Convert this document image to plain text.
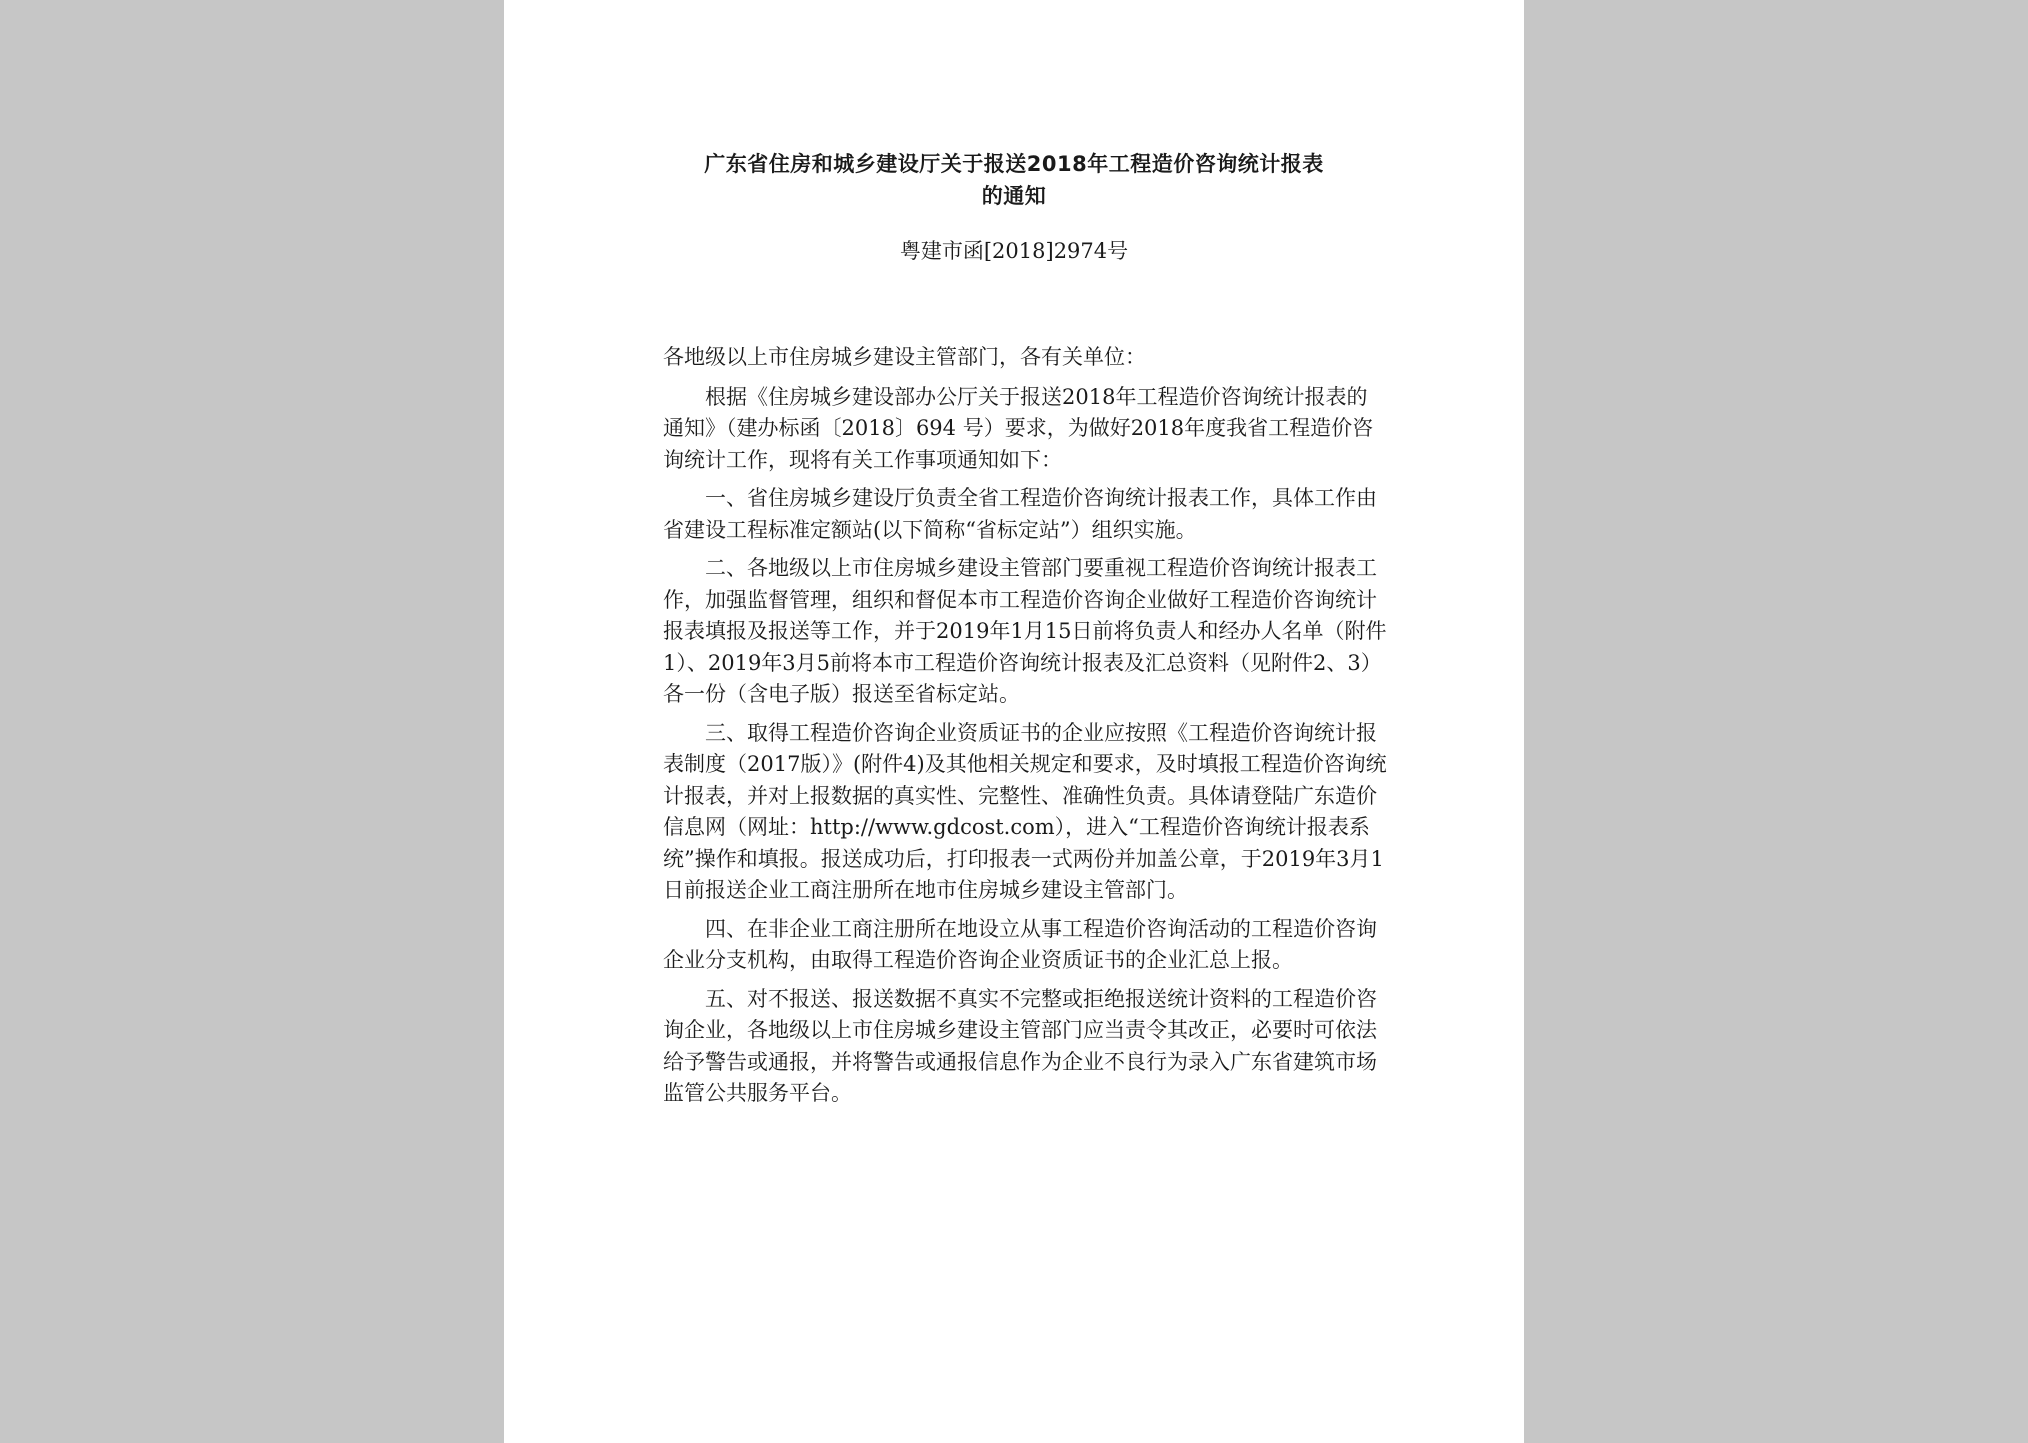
广东省住房和城乡建设厅关于报送2018年工程造价咨询统计报表
的通知
粤建市函[2018]2974号

各地级以上市住房城乡建设主管部门，各有关单位：

根据《住房城乡建设部办公厅关于报送2018年工程造价咨询统计报表的通知》（建办标函〔2018〕694 号）要求，为做好2018年度我省工程造价咨询统计工作，现将有关工作事项通知如下：

一、省住房城乡建设厅负责全省工程造价咨询统计报表工作，具体工作由省建设工程标准定额站(以下简称“省标定站”）组织实施。

二、各地级以上市住房城乡建设主管部门要重视工程造价咨询统计报表工作，加强监督管理，组织和督促本市工程造价咨询企业做好工程造价咨询统计报表填报及报送等工作，并于2019年1月15日前将负责人和经办人名单（附件1）、2019年3月5前将本市工程造价咨询统计报表及汇总资料（见附件2、3）各一份（含电子版）报送至省标定站。

三、取得工程造价咨询企业资质证书的企业应按照《工程造价咨询统计报表制度（2017版）》(附件4)及其他相关规定和要求，及时填报工程造价咨询统计报表，并对上报数据的真实性、完整性、准确性负责。具体请登陆广东造价信息网（网址：http://www.gdcost.com），进入“工程造价咨询统计报表系统”操作和填报。报送成功后，打印报表一式两份并加盖公章，于2019年3月1日前报送企业工商注册所在地市住房城乡建设主管部门。

四、在非企业工商注册所在地设立从事工程造价咨询活动的工程造价咨询企业分支机构，由取得工程造价咨询企业资质证书的企业汇总上报。

五、对不报送、报送数据不真实不完整或拒绝报送统计资料的工程造价咨询企业，各地级以上市住房城乡建设主管部门应当责令其改正，必要时可依法给予警告或通报，并将警告或通报信息作为企业不良行为录入广东省建筑市场监管公共服务平台。
